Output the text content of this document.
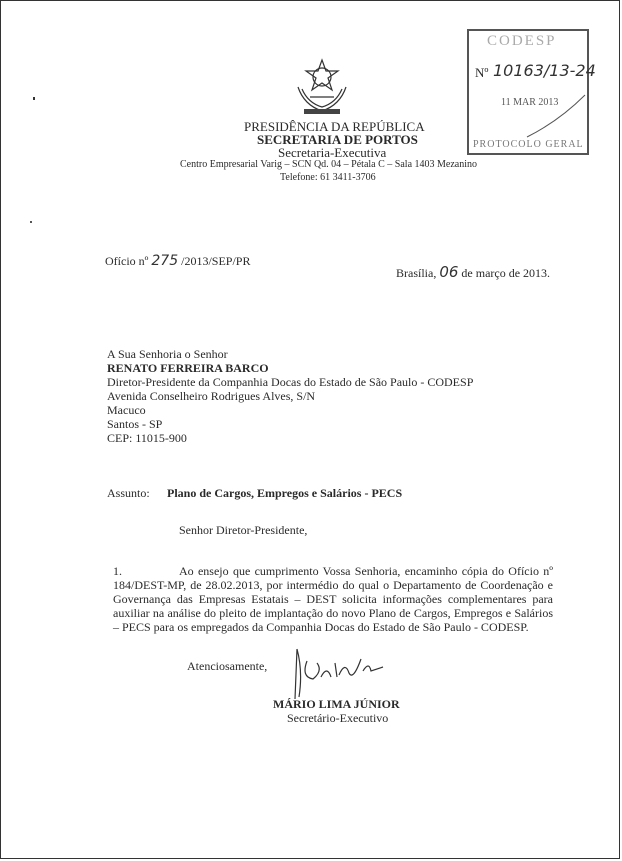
PRESIDÊNCIA DA REPÚBLICA
SECRETARIA DE PORTOS
Secretaria-Executiva
Centro Empresarial Varig – SCN Qd. 04 – Pétala C – Sala 1403 Mezanino
Telefone: 61 3411-3706
CODESP
Nº 10163/13-24
11 MAR 2013
PROTOCOLO GERAL
Ofício nº 275 /2013/SEP/PR
Brasília, 06 de março de 2013.
A Sua Senhoria o Senhor
RENATO FERREIRA BARCO
Diretor-Presidente da Companhia Docas do Estado de São Paulo - CODESP
Avenida Conselheiro Rodrigues Alves, S/N
Macuco
Santos - SP
CEP: 11015-900
Assunto: Plano de Cargos, Empregos e Salários - PECS
Senhor Diretor-Presidente,
1.	Ao ensejo que cumprimento Vossa Senhoria, encaminho cópia do Ofício nº 184/DEST-MP, de 28.02.2013, por intermédio do qual o Departamento de Coordenação e Governança das Empresas Estatais – DEST solicita informações complementares para auxiliar na análise do pleito de implantação do novo Plano de Cargos, Empregos e Salários – PECS para os empregados da Companhia Docas do Estado de São Paulo - CODESP.
Atenciosamente,
MÁRIO LIMA JÚNIOR
Secretário-Executivo
